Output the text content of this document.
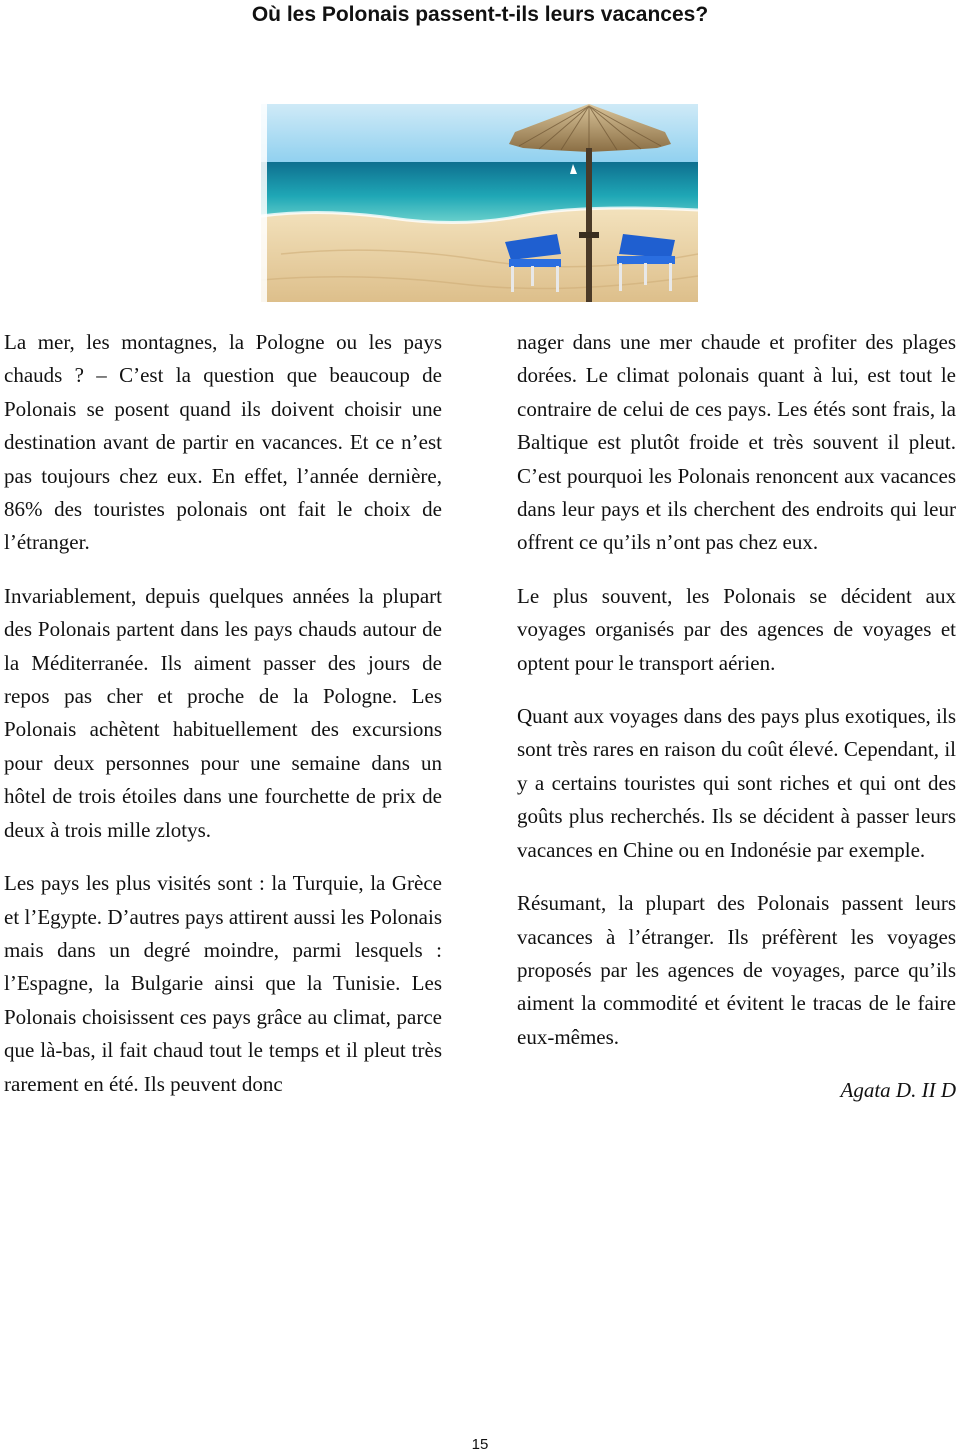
Où les Polonais passent-t-ils leurs vacances?

La mer, les montagnes, la Pologne ou les pays chauds ? – C’est la question que beaucoup de Polonais se posent quand ils doivent choisir une destination avant de partir en vacances. Et ce n’est pas toujours chez eux. En effet, l’année dernière, 86% des touristes polonais ont fait le choix de l’étranger.

Invariablement, depuis quelques années la plupart des Polonais partent dans les pays chauds autour de la Méditerranée. Ils aiment passer des jours de repos pas cher et proche de la Pologne. Les Polonais achètent habituellement des excursions pour deux personnes pour une semaine dans un hôtel de trois étoiles dans une fourchette de prix de deux à trois mille zlotys.

Les pays les plus visités sont : la Turquie, la Grèce et l’Egypte. D’autres pays attirent aussi les Polonais mais dans un degré moindre, parmi lesquels : l’Espagne, la Bulgarie ainsi que la Tunisie. Les Polonais choisissent ces pays grâce au climat, parce que là-bas, il fait chaud tout le temps et il pleut très rarement en été. Ils peuvent donc

nager dans une mer chaude et profiter des plages dorées. Le climat polonais quant à lui, est tout le contraire de celui de ces pays. Les étés sont frais, la Baltique est plutôt froide et très souvent il pleut. C’est pourquoi les Polonais renoncent aux vacances dans leur pays et ils cherchent des endroits qui leur offrent ce qu’ils n’ont pas chez eux.

Le plus souvent, les Polonais se décident aux voyages organisés par des agences de voyages et optent pour le transport aérien.

Quant aux voyages dans des pays plus exotiques, ils sont très rares en raison du coût élevé. Cependant, il y a certains touristes qui sont riches et qui ont des goûts plus recherchés. Ils se décident à passer leurs vacances en Chine ou en Indonésie par exemple.

Résumant, la plupart des Polonais passent leurs vacances à l’étranger. Ils préfèrent les voyages proposés par les agences de voyages, parce qu’ils aiment la commodité et évitent le tracas de le faire eux-mêmes.

Agata D. II D
15
